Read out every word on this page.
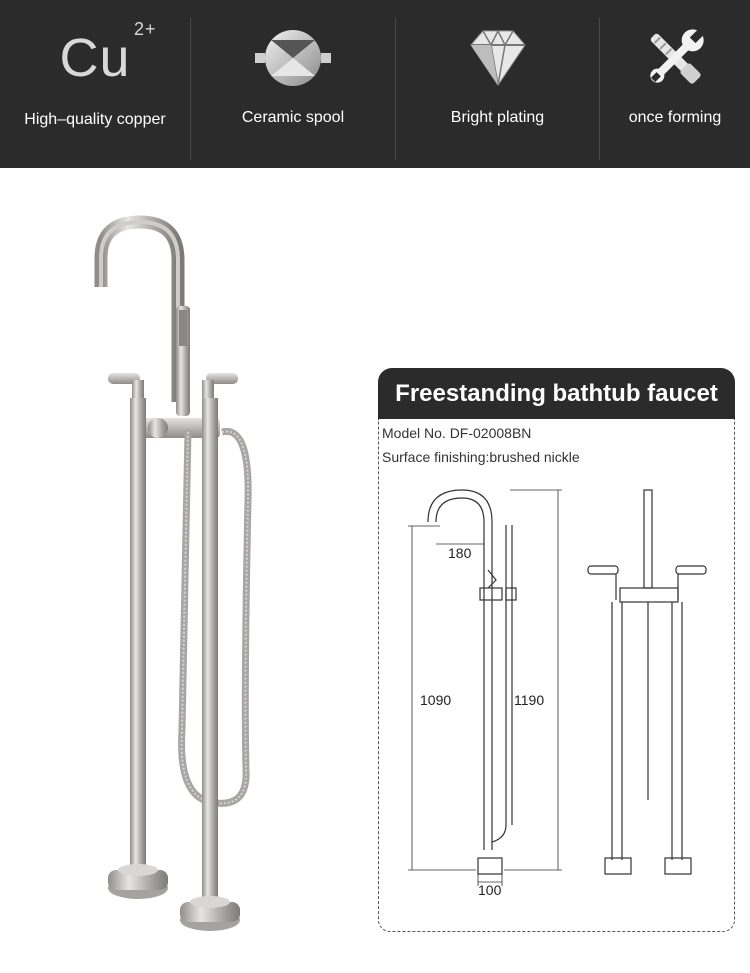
Cu 2+
High–quality copper	Ceramic spool	Bright plating	once forming
Freestanding bathtub faucet
Model No. DF-02008BN
Surface finishing:brushed nickle
180
1090	1190
100
